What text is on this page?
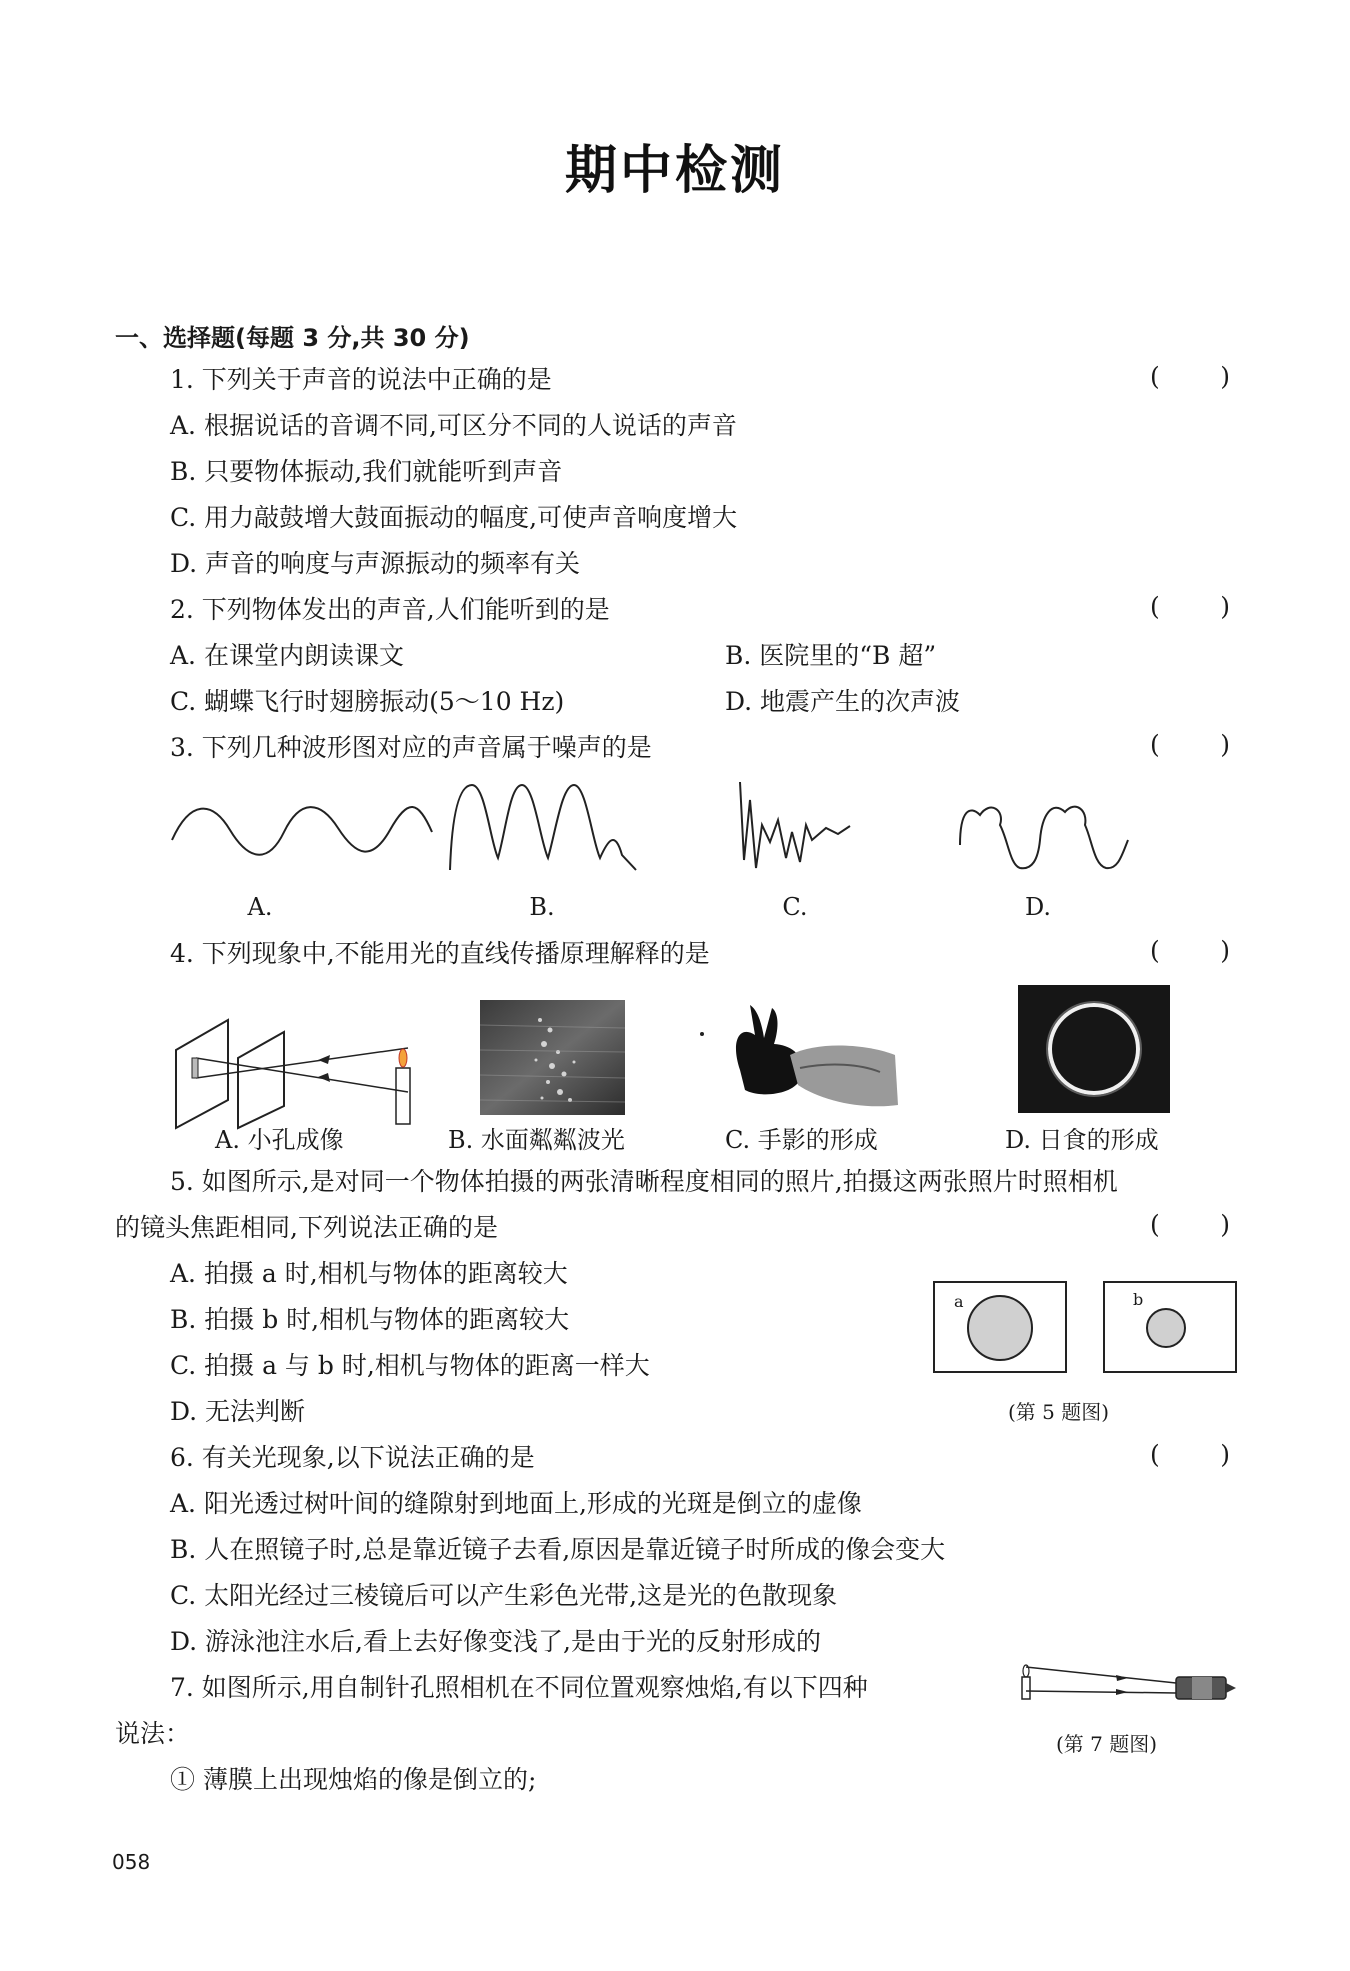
期中检测
一、选择题(每题 3 分,共 30 分)
1. 下列关于声音的说法中正确的是	( )
A. 根据说话的音调不同,可区分不同的人说话的声音
B. 只要物体振动,我们就能听到声音
C. 用力敲鼓增大鼓面振动的幅度,可使声音响度增大
D. 声音的响度与声源振动的频率有关
2. 下列物体发出的声音,人们能听到的是	( )
A. 在课堂内朗读课文	B. 医院里的“B 超”
C. 蝴蝶飞行时翅膀振动(5～10 Hz)	D. 地震产生的次声波
3. 下列几种波形图对应的声音属于噪声的是	( )
A.	B.	C.	D.
4. 下列现象中,不能用光的直线传播原理解释的是	( )
A. 小孔成像	B. 水面粼粼波光	C. 手影的形成	D. 日食的形成
5. 如图所示,是对同一个物体拍摄的两张清晰程度相同的照片,拍摄这两张照片时照相机
的镜头焦距相同,下列说法正确的是	( )
A. 拍摄 a 时,相机与物体的距离较大
B. 拍摄 b 时,相机与物体的距离较大
C. 拍摄 a 与 b 时,相机与物体的距离一样大
D. 无法判断
a	b
(第 5 题图)
6. 有关光现象,以下说法正确的是	( )
A. 阳光透过树叶间的缝隙射到地面上,形成的光斑是倒立的虚像
B. 人在照镜子时,总是靠近镜子去看,原因是靠近镜子时所成的像会变大
C. 太阳光经过三棱镜后可以产生彩色光带,这是光的色散现象
D. 游泳池注水后,看上去好像变浅了,是由于光的反射形成的
7. 如图所示,用自制针孔照相机在不同位置观察烛焰,有以下四种
说法：
① 薄膜上出现烛焰的像是倒立的;
(第 7 题图)
058
